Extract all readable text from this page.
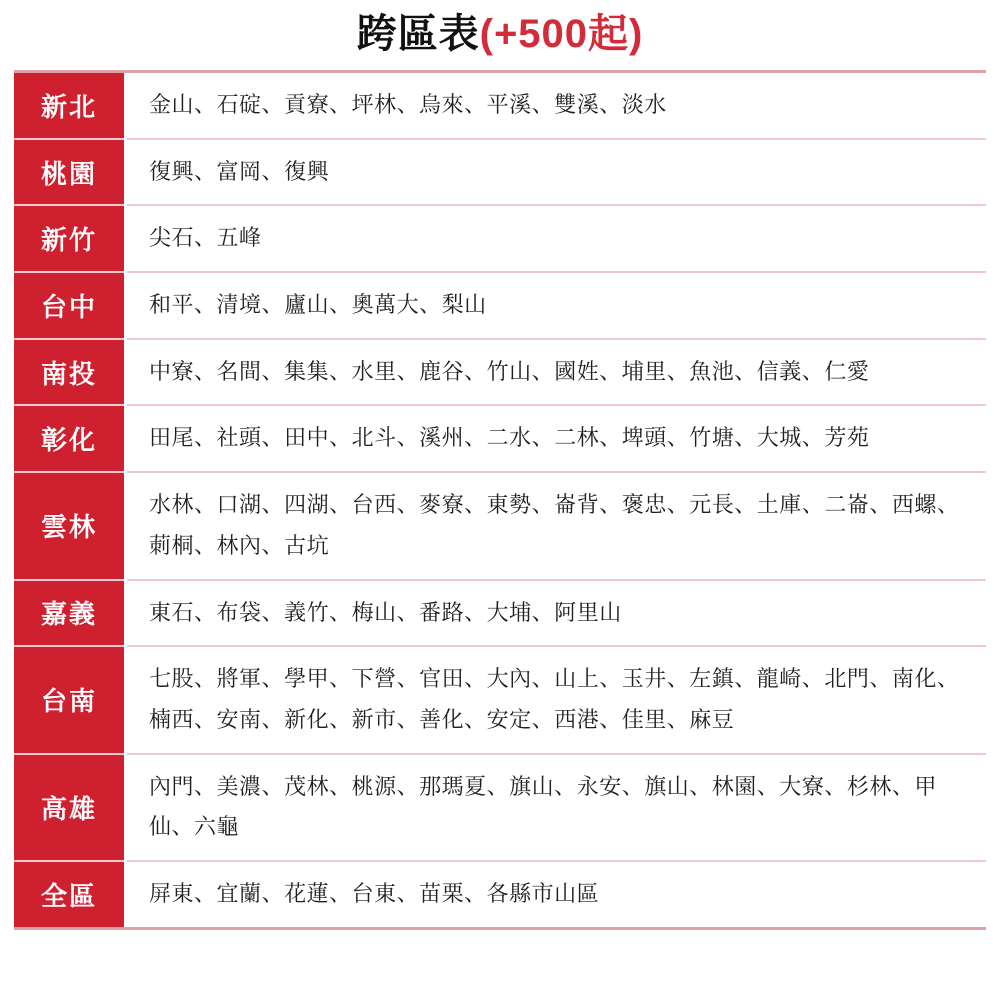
跨區表(+500起)
新北	金山、石碇、貢寮、坪林、烏來、平溪、雙溪、淡水
桃園	復興、富岡、復興
新竹	尖石、五峰
台中	和平、清境、廬山、奧萬大、梨山
南投	中寮、名間、集集、水里、鹿谷、竹山、國姓、埔里、魚池、信義、仁愛
彰化	田尾、社頭、田中、北斗、溪州、二水、二林、埤頭、竹塘、大城、芳苑
雲林	水林、口湖、四湖、台西、麥寮、東勢、崙背、褒忠、元長、土庫、二崙、西螺、莿桐、林內、古坑
嘉義	東石、布袋、義竹、梅山、番路、大埔、阿里山
台南	七股、將軍、學甲、下營、官田、大內、山上、玉井、左鎮、龍崎、北門、南化、楠西、安南、新化、新市、善化、安定、西港、佳里、麻豆
高雄	內門、美濃、茂林、桃源、那瑪夏、旗山、永安、旗山、林園、大寮、杉林、甲仙、六龜
全區	屏東、宜蘭、花蓮、台東、苗栗、各縣市山區
